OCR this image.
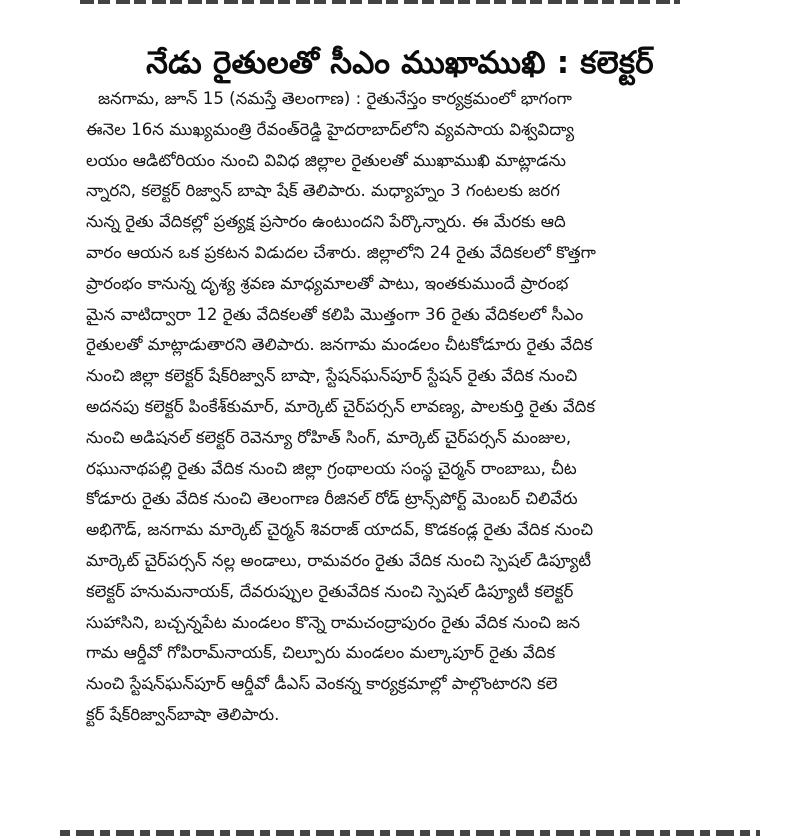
నేడు రైతులతో సీఎం ముఖాముఖి : కలెక్టర్
జనగామ, జూన్ 15 (నమస్తే తెలంగాణ) : రైతునేస్తం కార్యక్రమంలో భాగంగా
ఈనెల 16న ముఖ్యమంత్రి రేవంత్‌రెడ్డి హైదరాబాద్‌లోని వ్యవసాయ విశ్వవిద్యా
లయం ఆడిటోరియం నుంచి వివిధ జిల్లాల రైతులతో ముఖాముఖి మాట్లాడను
న్నారని, కలెక్టర్ రిజ్వాన్ బాషా షేక్ తెలిపారు. మధ్యాహ్నం 3 గంటలకు జరగ
నున్న రైతు వేదికల్లో ప్రత్యక్ష ప్రసారం ఉంటుందని పేర్కొన్నారు. ఈ మేరకు ఆది
వారం ఆయన ఒక ప్రకటన విడుదల చేశారు. జిల్లాలోని 24 రైతు వేదికలలో కొత్తగా
ప్రారంభం కానున్న దృశ్య శ్రవణ మాధ్యమాలతో పాటు, ఇంతకుముందే ప్రారంభ
మైన వాటిద్వారా 12 రైతు వేదికలతో కలిపి మొత్తంగా 36 రైతు వేదికలలో సీఎం
రైతులతో మాట్లాడుతారని తెలిపారు. జనగామ మండలం చీటకోడూరు రైతు వేదిక
నుంచి జిల్లా కలెక్టర్ షేక్‌రిజ్వాన్ బాషా, స్టేషన్‌ఘన్‌పూర్ స్టేషన్ రైతు వేదిక నుంచి
అదనపు కలెక్టర్ పింకేశ్‌కుమార్, మార్కెట్ చైర్‌పర్సన్ లావణ్య, పాలకుర్తి రైతు వేదిక
నుంచి అడిషనల్ కలెక్టర్ రెవెన్యూ రోహిత్ సింగ్, మార్కెట్ చైర్‌పర్సన్ మంజుల,
రఘునాథపల్లి రైతు వేదిక నుంచి జిల్లా గ్రంథాలయ సంస్థ చైర్మన్ రాంబాబు, చీట
కోడూరు రైతు వేదిక నుంచి తెలంగాణ రీజినల్ రోడ్ ట్రాన్స్‌పోర్ట్ మెంబర్ చిలివేరు
అభిగౌడ్, జనగామ మార్కెట్ చైర్మన్ శివరాజ్ యాదవ్, కొడకండ్ల రైతు వేదిక నుంచి
మార్కెట్ చైర్‌పర్సన్ నల్ల అండాలు, రామవరం రైతు వేదిక నుంచి స్పెషల్ డిప్యూటీ
కలెక్టర్ హనుమనాయక్, దేవరుప్పుల రైతువేదిక నుంచి స్పెషల్ డిప్యూటీ కలెక్టర్
సుహాసిని, బచ్చన్నపేట మండలం కొన్నె రామచంద్రాపురం రైతు వేదిక నుంచి జన
గామ ఆర్డీవో గోపిరామ్‌నాయక్, చిల్పూరు మండలం మల్కాపూర్ రైతు వేదిక
నుంచి స్టేషన్‌ఘన్‌పూర్ ఆర్డీవో డీఎస్ వెంకన్న కార్యక్రమాల్లో పాల్గొంటారని కలె
క్టర్ షేక్‌రిజ్వాన్‌బాషా తెలిపారు.
